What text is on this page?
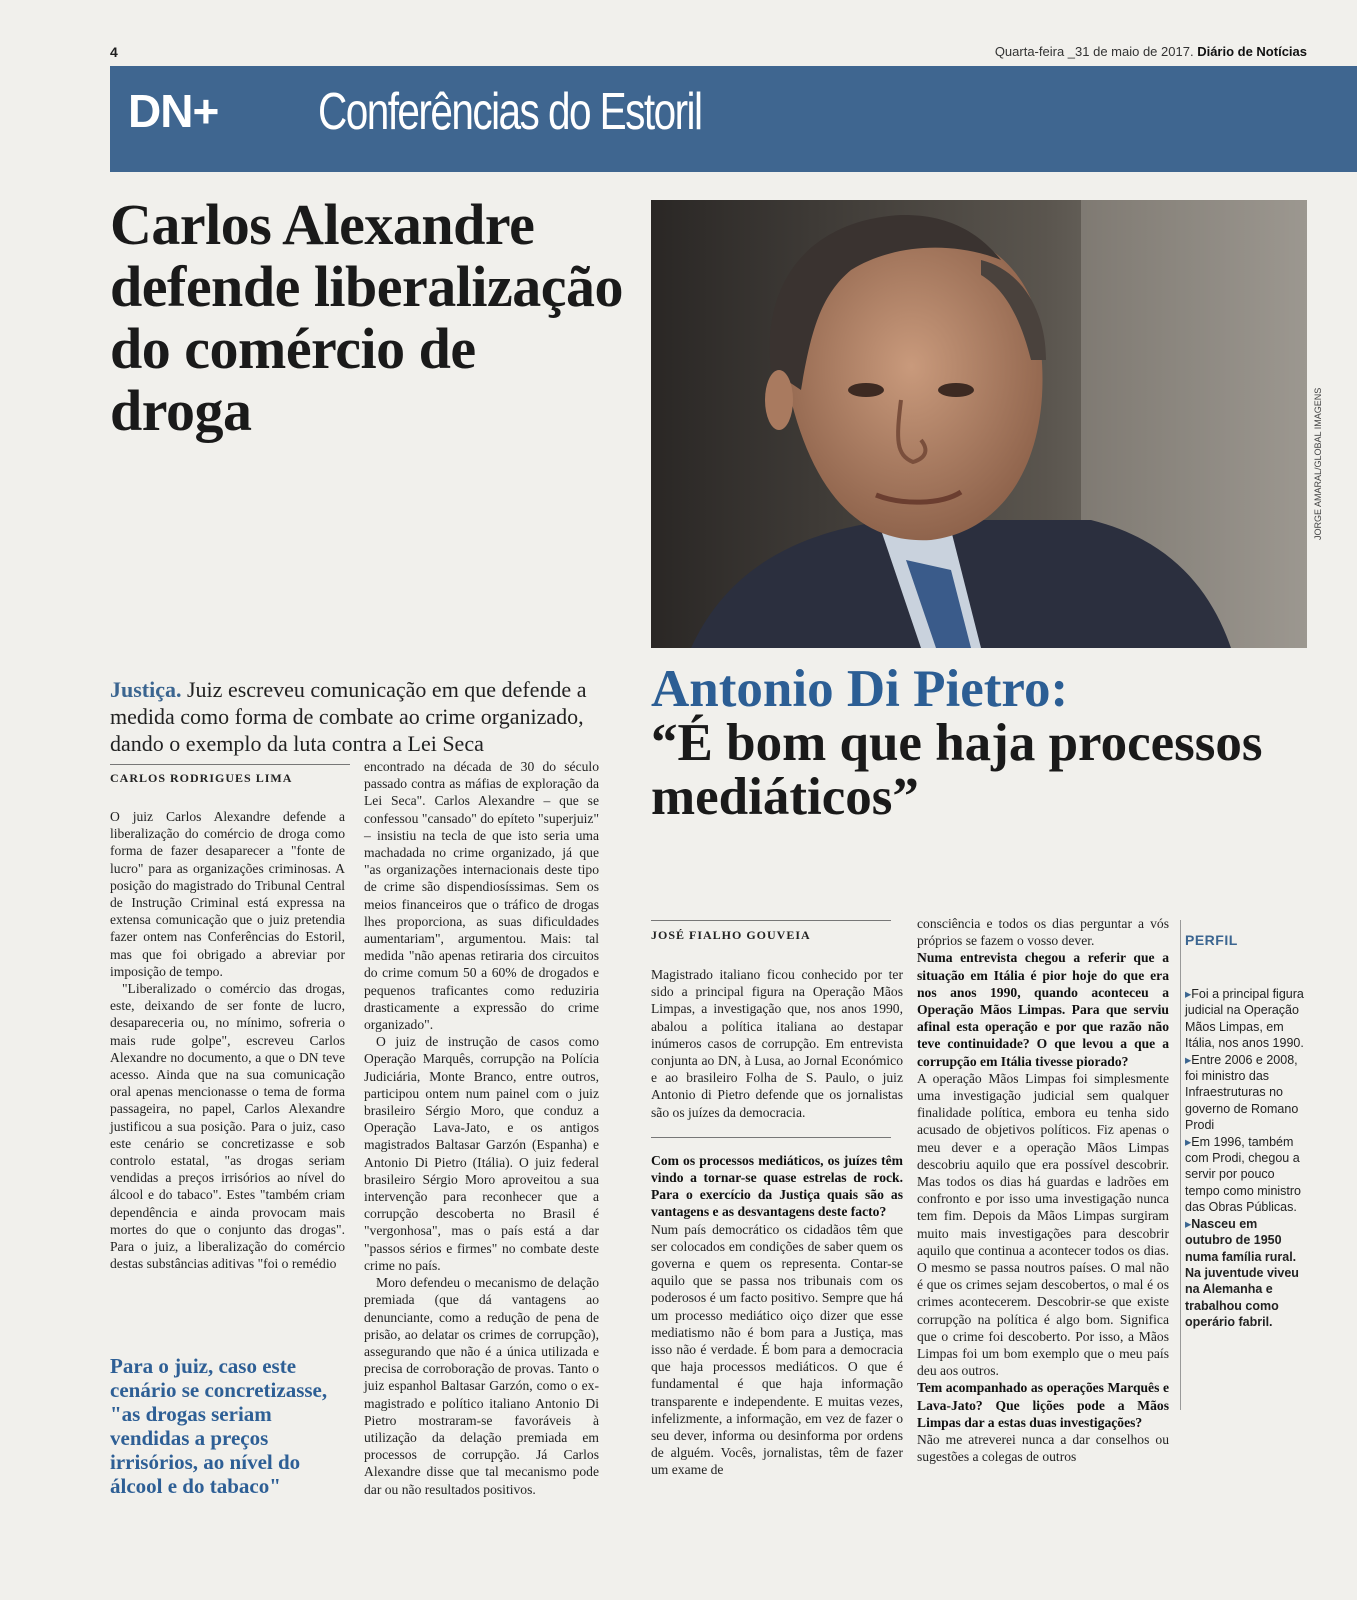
4	Quarta-feira _31 de maio de 2017. Diário de Notícias
DN+ Conferências do Estoril
Carlos Alexandre defende liberalização do comércio de droga
Justiça. Juiz escreveu comunicação em que defende a medida como forma de combate ao crime organizado, dando o exemplo da luta contra a Lei Seca
CARLOS RODRIGUES LIMA

O juiz Carlos Alexandre defende a liberalização do comércio de droga como forma de fazer desaparecer a "fonte de lucro" para as organizações criminosas. A posição do magistrado do Tribunal Central de Instrução Criminal está expressa na extensa comunicação que o juiz pretendia fazer ontem nas Conferências do Estoril, mas que foi obrigado a abreviar por imposição de tempo.

"Liberalizado o comércio das drogas, este, deixando de ser fonte de lucro, desapareceria ou, no mínimo, sofreria o mais rude golpe", escreveu Carlos Alexandre no documento, a que o DN teve acesso. Ainda que na sua comunicação oral apenas mencionasse o tema de forma passageira, no papel, Carlos Alexandre justificou a sua posição. Para o juiz, caso este cenário se concretizasse e sob controlo estatal, "as drogas seriam vendidas a preços irrisórios ao nível do álcool e do tabaco". Estes "também criam dependência e ainda provocam mais mortes do que o conjunto das drogas". Para o juiz, a liberalização do comércio destas substâncias aditivas "foi o remédio

encontrado na década de 30 do século passado contra as máfias de exploração da Lei Seca". Carlos Alexandre – que se confessou "cansado" do epíteto "superjuiz" – insistiu na tecla de que isto seria uma machadada no crime organizado, já que "as organizações internacionais deste tipo de crime são dispendiosíssimas. Sem os meios financeiros que o tráfico de drogas lhes proporciona, as suas dificuldades aumentariam", argumentou. Mais: tal medida "não apenas retiraria dos circuitos do crime comum 50 a 60% de drogados e pequenos traficantes como reduziria drasticamente a expressão do crime organizado".

O juiz de instrução de casos como Operação Marquês, corrupção na Polícia Judiciária, Monte Branco, entre outros, participou ontem num painel com o juiz brasileiro Sérgio Moro, que conduz a Operação Lava-Jato, e os antigos magistrados Baltasar Garzón (Espanha) e Antonio Di Pietro (Itália). O juiz federal brasileiro Sérgio Moro aproveitou a sua intervenção para reconhecer que a corrupção descoberta no Brasil é "vergonhosa", mas o país está a dar "passos sérios e firmes" no combate deste crime no país.

Moro defendeu o mecanismo de delação premiada (que dá vantagens ao denunciante, como a redução de pena de prisão, ao delatar os crimes de corrupção), assegurando que não é a única utilizada e precisa de corroboração de provas. Tanto o juiz espanhol Baltasar Garzón, como o ex-magistrado e político italiano Antonio Di Pietro mostraram-se favoráveis à utilização da delação premiada em processos de corrupção. Já Carlos Alexandre disse que tal mecanismo pode dar ou não resultados positivos.

Para o juiz, caso este cenário se concretizasse, "as drogas seriam vendidas a preços irrisórios, ao nível do álcool e do tabaco"
JORGE AMARAL/GLOBAL IMAGENS
Antonio Di Pietro:
“É bom que haja processos mediáticos”
JOSÉ FIALHO GOUVEIA

Magistrado italiano ficou conhecido por ter sido a principal figura na Operação Mãos Limpas, a investigação que, nos anos 1990, abalou a política italiana ao destapar inúmeros casos de corrupção. Em entrevista conjunta ao DN, à Lusa, ao Jornal Económico e ao brasileiro Folha de S. Paulo, o juiz Antonio di Pietro defende que os jornalistas são os juízes da democracia.

Com os processos mediáticos, os juízes têm vindo a tornar-se quase estrelas de rock. Para o exercício da Justiça quais são as vantagens e as desvantagens deste facto?

Num país democrático os cidadãos têm que ser colocados em condições de saber quem os governa e quem os representa. Contar-se aquilo que se passa nos tribunais com os poderosos é um facto positivo. Sempre que há um processo mediático oiço dizer que esse mediatismo não é bom para a Justiça, mas isso não é verdade. É bom para a democracia que haja processos mediáticos. O que é fundamental é que haja informação transparente e independente. E muitas vezes, infelizmente, a informação, em vez de fazer o seu dever, informa ou desinforma por ordens de alguém. Vocês, jornalistas, têm de fazer um exame de

consciência e todos os dias perguntar a vós próprios se fazem o vosso dever.

Numa entrevista chegou a referir que a situação em Itália é pior hoje do que era nos anos 1990, quando aconteceu a Operação Mãos Limpas. Para que serviu afinal esta operação e por que razão não teve continuidade? O que levou a que a corrupção em Itália tivesse piorado?

A operação Mãos Limpas foi simplesmente uma investigação judicial sem qualquer finalidade política, embora eu tenha sido acusado de objetivos políticos. Fiz apenas o meu dever e a operação Mãos Limpas descobriu aquilo que era possível descobrir. Mas todos os dias há guardas e ladrões em confronto e por isso uma investigação nunca tem fim. Depois da Mãos Limpas surgiram muito mais investigações para descobrir aquilo que continua a acontecer todos os dias. O mesmo se passa noutros países. O mal não é que os crimes sejam descobertos, o mal é os crimes acontecerem. Descobrir-se que existe corrupção na política é algo bom. Significa que o crime foi descoberto. Por isso, a Mãos Limpas foi um bom exemplo que o meu país deu aos outros.

Tem acompanhado as operações Marquês e Lava-Jato? Que lições pode a Mãos Limpas dar a estas duas investigações?

Não me atreverei nunca a dar conselhos ou sugestões a colegas de outros

PERFIL
▸Foi a principal figura judicial na Operação Mãos Limpas, em Itália, nos anos 1990.
▸Entre 2006 e 2008, foi ministro das Infraestruturas no governo de Romano Prodi
▸Em 1996, também com Prodi, chegou a servir por pouco tempo como ministro das Obras Públicas.
▸Nasceu em outubro de 1950 numa família rural. Na juventude viveu na Alemanha e trabalhou como operário fabril.
